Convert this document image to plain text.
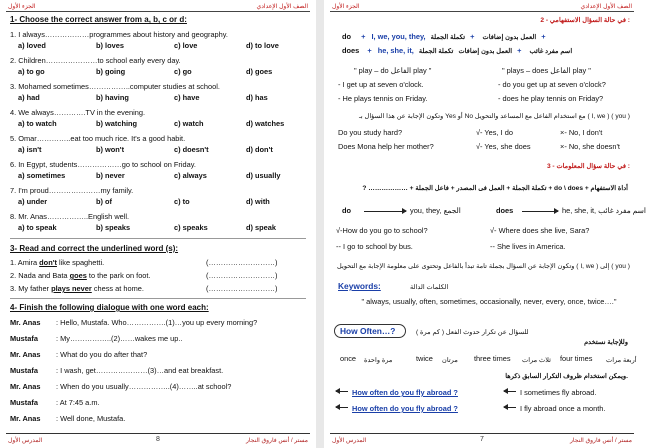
الجزء الأول	الصف الأول الإعدادي
1- Choose the correct answer from a, b, c or d:
1. I always………………programmes about history and geography.
a) loved	b) loves	c) love	d) to love
2. Children…………………to school early every day.
a) to go	b) going	c) go	d) goes
3. Mohamed sometimes……………..computer studies at school.
a) had	b) having	c) have	d) has
4. We always………….TV in the evening.
a) to watch	b) watching	c) watch	d) watches
5. Omar…………..eat too much rice. It's a good habit.
a) isn't	b) won't	c) doesn't	d) don't
6. In Egypt, students………………go to school on Friday.
a) sometimes	b) never	c) always	d) usually
7. I'm proud…………………my family.
a) under	b) of	c) to	d) with
8. Mr. Anas……………..English well.
a) to speak	b) speaks	c) speaks	d) speak
3- Read and correct the underlined word (s):
1. Amira don't like spaghetti.	(………………………)
2. Nada and Bata goes to the park on foot.	(………………………)
3. My father plays never chess at home.	(………………………)
4- Finish the following dialogue with one word each:
Mr. Anas : Hello, Mustafa. Who…………….(1)…you up every morning?
Mustafa : My……………..(2)……wakes me up..
Mr. Anas : What do you do after that?
Mustafa : I wash, get…………………(3)…and eat breakfast.
Mr. Anas : When do you usually……………..(4)……..at school?
Mustafa : At 7:45 a.m.
Mr. Anas : Well done, Mustafa.
المدرس الأول	8	مستر / أنس فاروق النجار
الجزء الأول	الصف الأول الإعدادي
2 - في حالة السؤال الاستفهامي :
do + I, we, you, they,	العمل بدون إضافات + تكملة الجملة	+
does + he, she, it,	اسم مفرد غائب + العمل بدون إضافات تكملة الجملة
" play – do الفاعل play "	" plays – does الفاعل play "
- I get up at seven o'clock.	- do you get up at seven o'clock?
- He plays tennis on Friday.	- does he play tennis on Friday?
وتكون الإجابة عن هذا السؤال بـ Yes أو No مع استخدام الفاعل مع المساعد والتحويل ( I, we ) ( you )
Do you study hard?	√- Yes, I do	×- No, I don't
Does Mona help her mother?	√- Yes, she does	×- No, she doesn't
3 - في حالة سؤال المعلومات :
? ……………… + تكملة الجملة + العمل فى المصدر + فاعل الجملة + do \ does + أداة الاستفهام
do	you, they, الجمع	does	he, she, it, اسم مفرد غائب
√-How do you go to school?	√- Where does she live, Sara?
-- I go to school by bus.	-- She lives in America.
وتكون الإجابة عن السؤال بجملة تامة تبدأ بالفاعل وتحتوى على معلومة الإجابة مع التحويل ( I, we ) إلى ( you )
Keywords:	الكلمات الدالة
" always, usually, often, sometimes, occasionally, never, every, once, twice…."
How Often…?	( كم مرة ) للسؤال عن تكرار حدوث الفعل
وللإجابة نستخدم
once مرة واحدة	twice مرتان three times ثلاث مرات four times أربعة مرات
ويمكن استخدام ظروف التكرار السابق ذكرها.
How often do you fly abroad ?	I sometimes fly abroad.
How often do you fly abroad ?	I fly abroad once a month.
المدرس الأول	7	مستر / أنس فاروق النجار
